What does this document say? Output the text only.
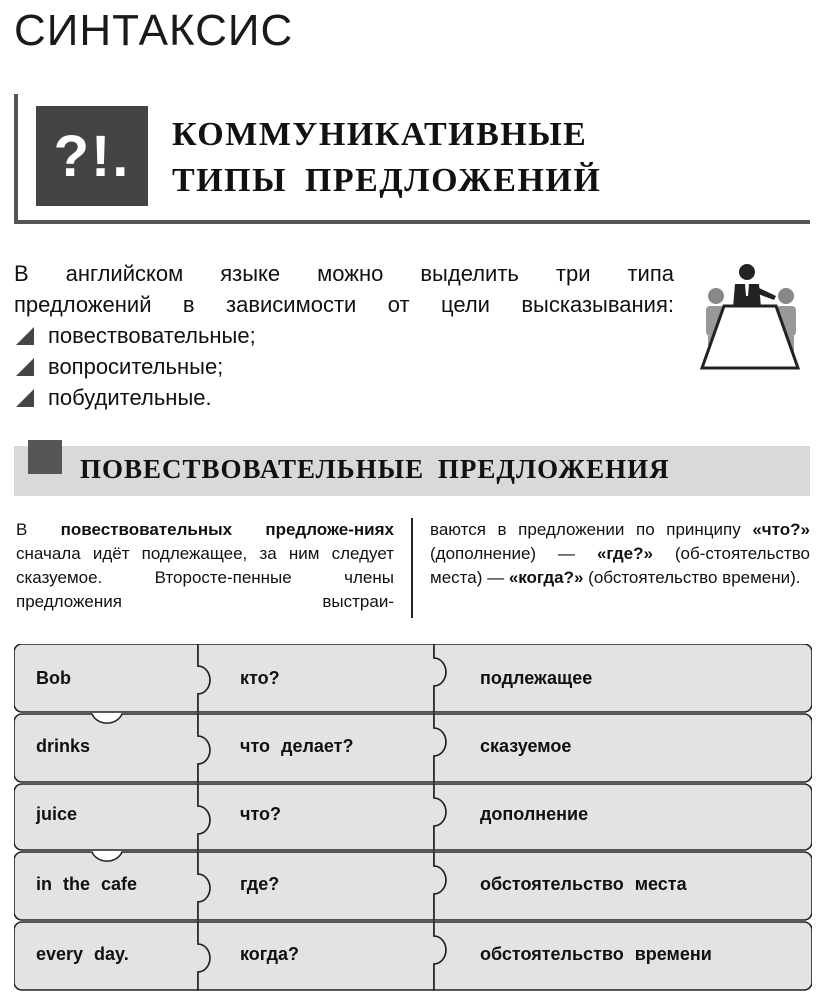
СИНТАКСИС
?!.	КОММУНИКАТИВНЫЕ
ТИПЫ ПРЕДЛОЖЕНИЙ

В английском языке можно выделить три типа

предложений в зависимости от цели высказывания:

повествовательные;
вопросительные;
побудительные.
ПОВЕСТВОВАТЕЛЬНЫЕ ПРЕДЛОЖЕНИЯ

В повествовательных предложе-ниях сначала идёт подлежащее, за ним следует сказуемое. Второсте-пенные члены предложения выстраи-

ваются в предложении по принципу «что?» (дополнение) — «где?» (об-стоятельство места) — «когда?» (обстоятельство времени).

Bob	кто?	подлежащее
drinks	что делает?	сказуемое
juice	что?	дополнение
in the cafe	где?	обстоятельство места
every day.	когда?	обстоятельство времени
